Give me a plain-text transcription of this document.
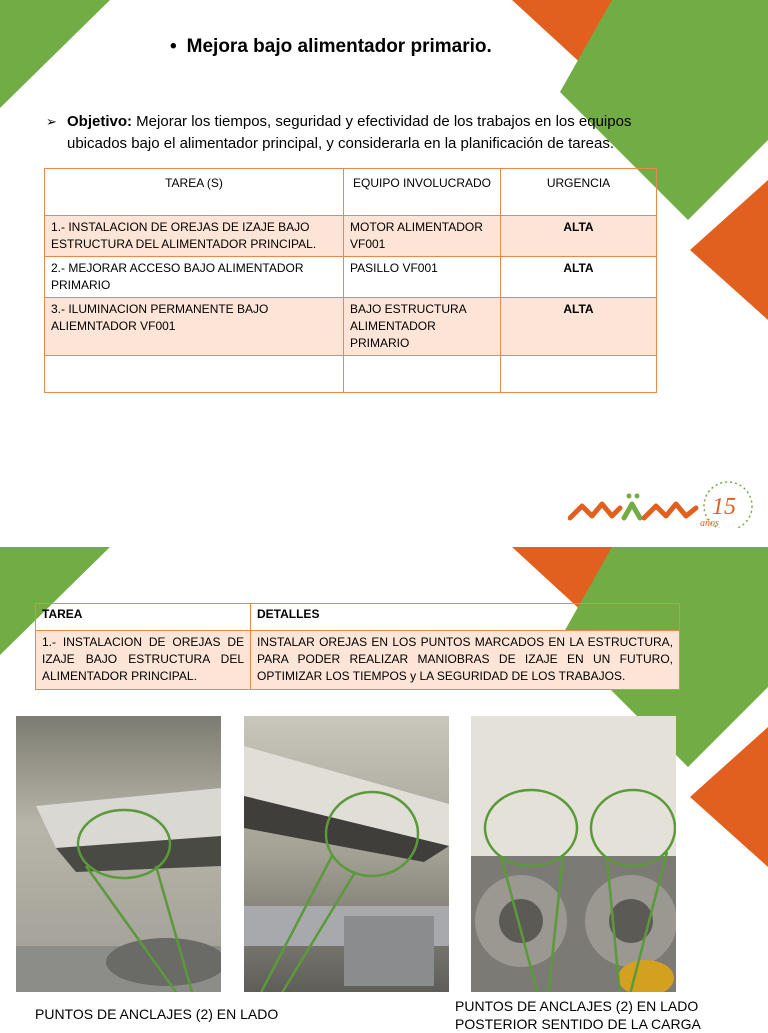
• Mejora bajo alimentador primario.
➢ Objetivo: Mejorar los tiempos, seguridad y efectividad de los trabajos en los equipos ubicados bajo el alimentador principal, y considerarla en la planificación de tareas.
TAREA (S)	EQUIPO INVOLUCRADO	URGENCIA
1.- INSTALACION DE OREJAS DE IZAJE BAJO ESTRUCTURA DEL ALIMENTADOR PRINCIPAL.	MOTOR ALIMENTADOR VF001	ALTA
2.- MEJORAR ACCESO BAJO ALIMENTADOR PRIMARIO	PASILLO VF001	ALTA
3.- ILUMINACION PERMANENTE BAJO ALIEMNTADOR VF001	BAJO ESTRUCTURA ALIMENTADOR PRIMARIO	ALTA

15
años
TAREA	DETALLES
1.- INSTALACION DE OREJAS DE IZAJE BAJO ESTRUCTURA DEL ALIMENTADOR PRINCIPAL.	INSTALAR OREJAS EN LOS PUNTOS MARCADOS EN LA ESTRUCTURA, PARA PODER REALIZAR MANIOBRAS DE IZAJE EN UN FUTURO, OPTIMIZAR LOS TIEMPOS y LA SEGURIDAD DE LOS TRABAJOS.
PUNTOS DE ANCLAJES (2) EN LADO	PUNTOS DE ANCLAJES (2) EN LADO
POSTERIOR SENTIDO DE LA CARGA
